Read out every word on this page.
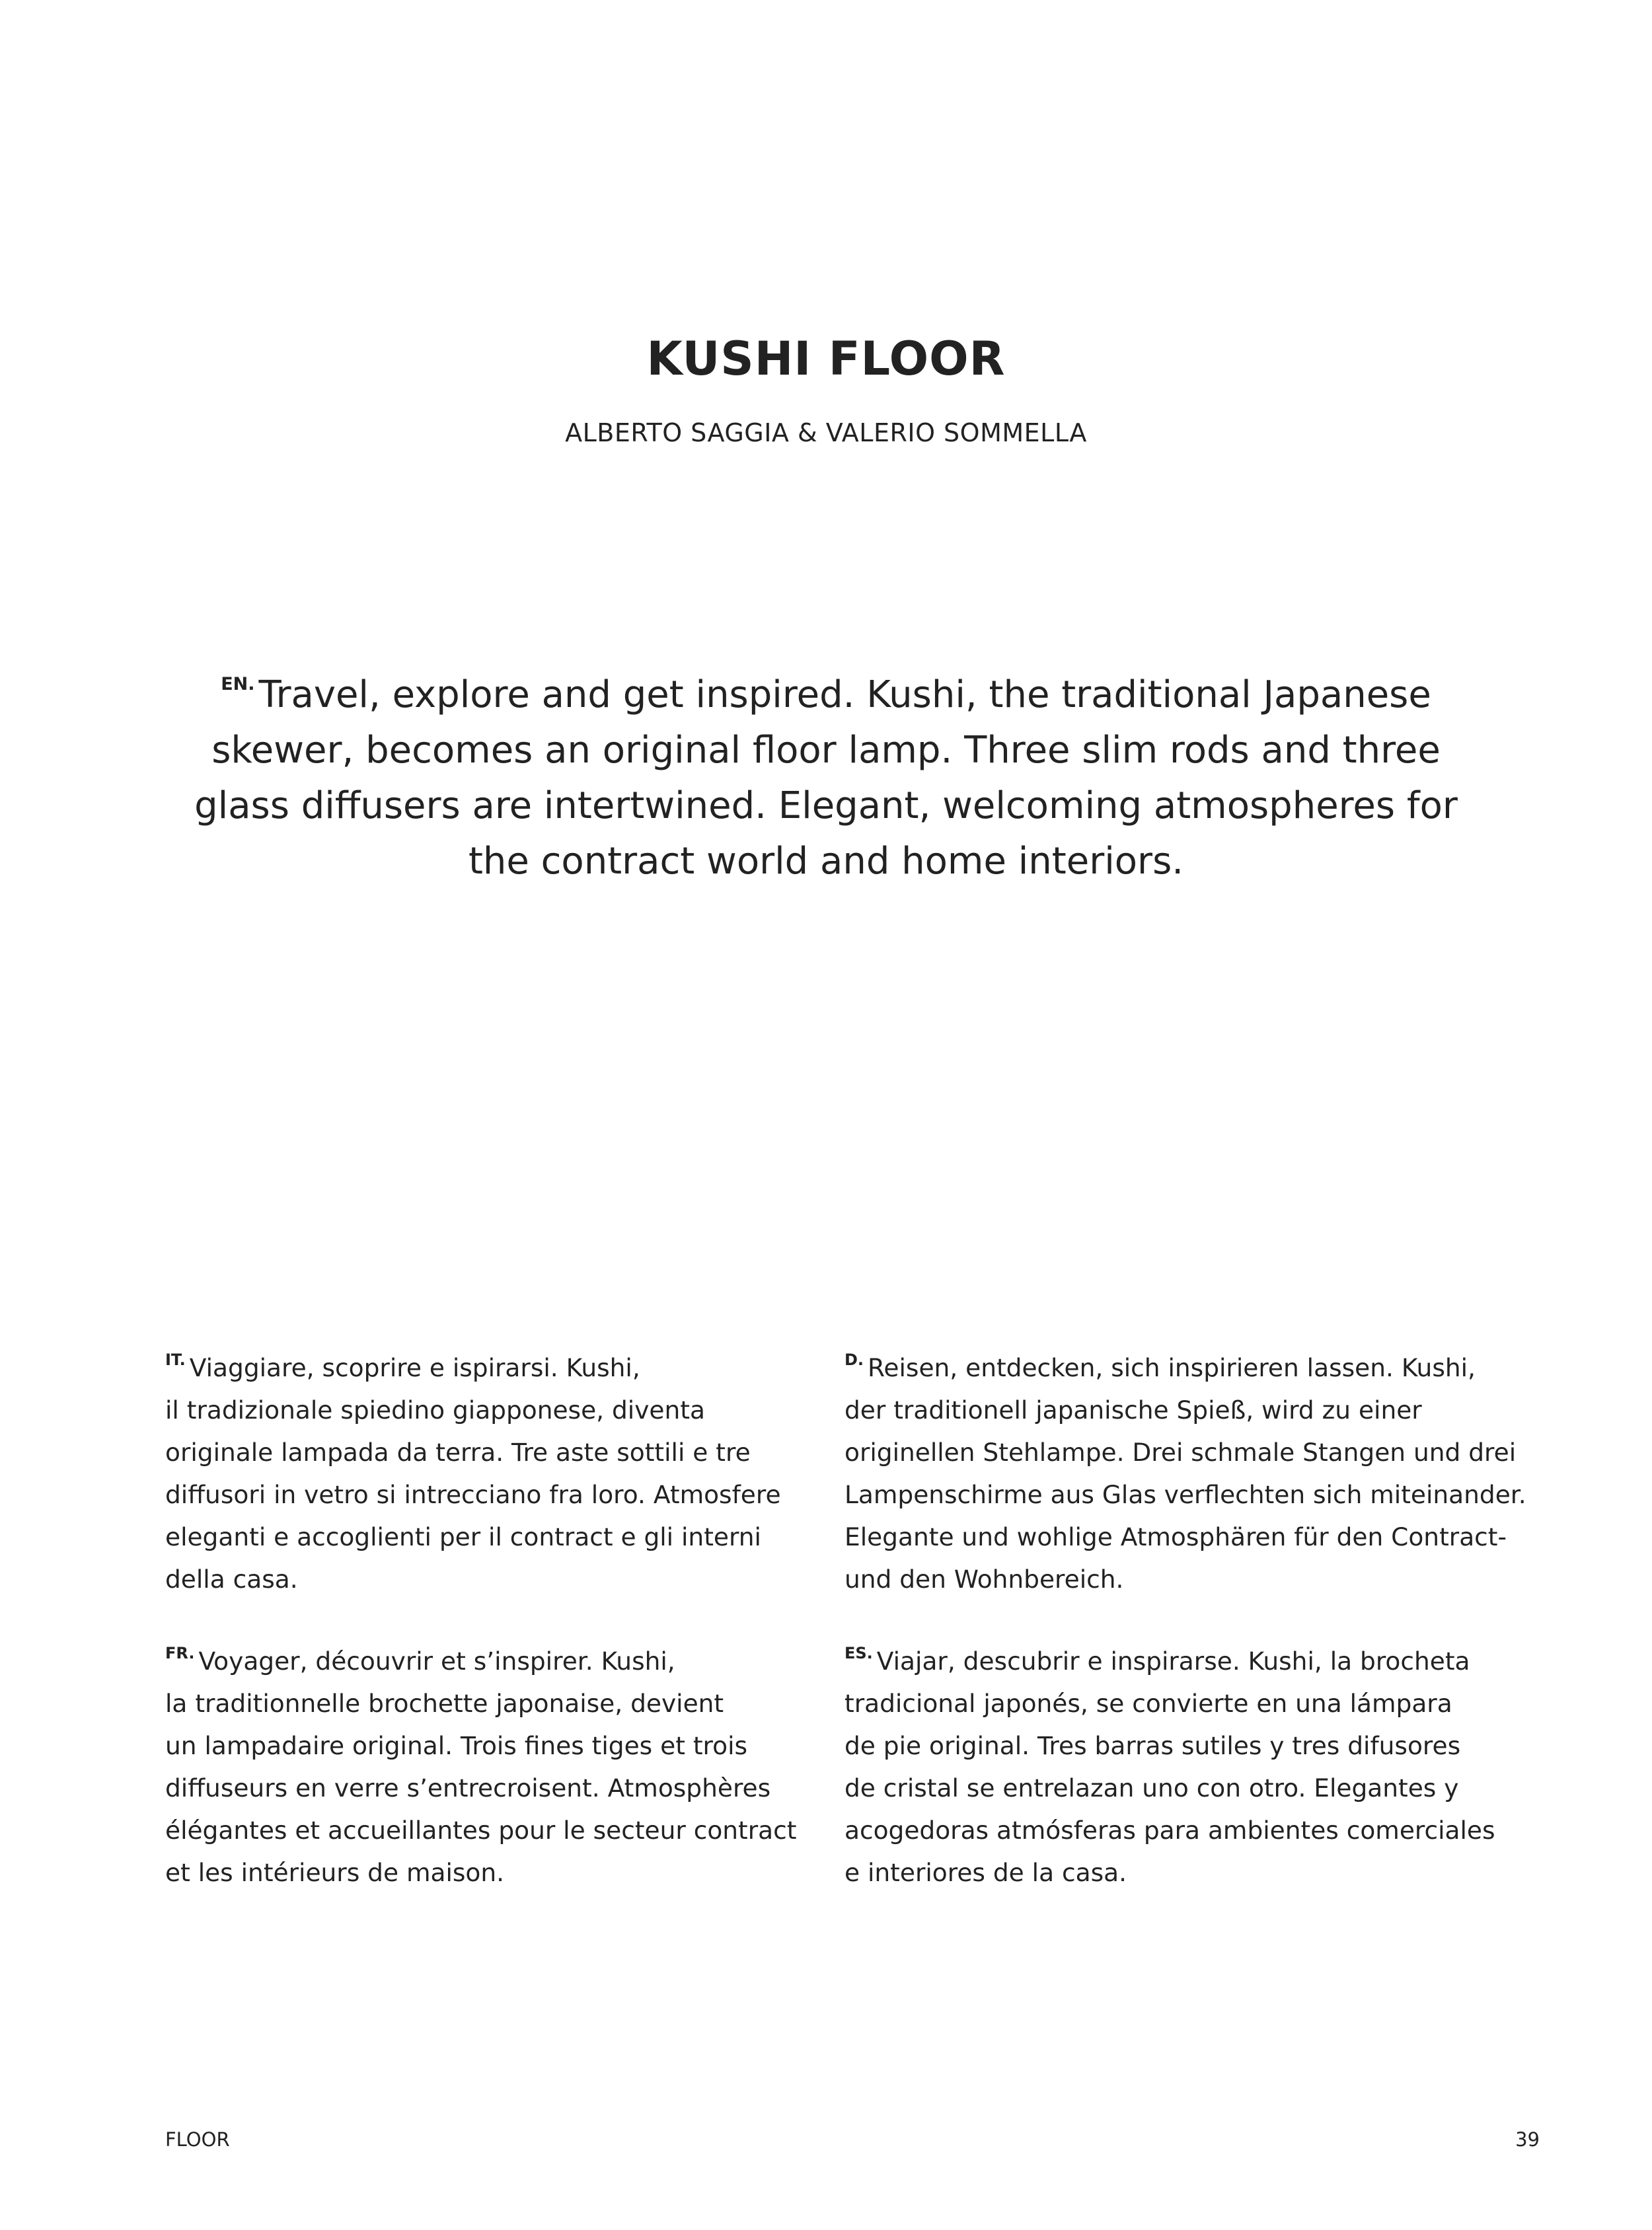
KUSHI FLOOR
ALBERTO SAGGIA & VALERIO SOMMELLA

$^{EN.}$ Travel, explore and get inspired. Kushi, the traditional Japanese skewer, becomes an original floor lamp. Three slim rods and three glass diffusers are intertwined. Elegant, welcoming atmospheres for the contract world and home interiors.

$^{IT.}$ Viaggiare, scoprire e ispirarsi. Kushi,
il tradizionale spiedino giapponese, diventa
originale lampada da terra. Tre aste sottili e tre
diffusori in vetro si intrecciano fra loro. Atmosfere
eleganti e accoglienti per il contract e gli interni
della casa.

$^{D.}$ Reisen, entdecken, sich inspirieren lassen. Kushi,
der traditionell japanische Spieß, wird zu einer
originellen Stehlampe. Drei schmale Stangen und drei
Lampenschirme aus Glas verflechten sich miteinander.
Elegante und wohlige Atmosphären für den Contract-
und den Wohnbereich.

$^{FR.}$ Voyager, découvrir et s’inspirer. Kushi,
la traditionnelle brochette japonaise, devient
un lampadaire original. Trois fines tiges et trois
diffuseurs en verre s’entrecroisent. Atmosphères
élégantes et accueillantes pour le secteur contract
et les intérieurs de maison.

$^{ES.}$ Viajar, descubrir e inspirarse. Kushi, la brocheta
tradicional japonés, se convierte en una lámpara
de pie original. Tres barras sutiles y tres difusores
de cristal se entrelazan uno con otro. Elegantes y
acogedoras atmósferas para ambientes comerciales
e interiores de la casa.

FLOOR	39
